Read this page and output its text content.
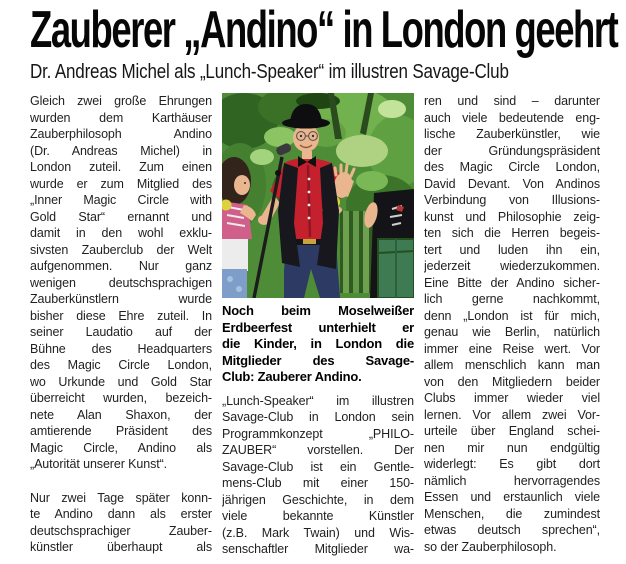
Zauberer „Andino“ in London geehrt
Dr. Andreas Michel als „Lunch-Speaker“ im illustren Savage-Club
Gleich zwei große Ehrungen
wurden dem Karthäuser
Zauberphilosoph Andino
(Dr. Andreas Michel) in
London zuteil. Zum einen
wurde er zum Mitglied des
„Inner Magic Circle with
Gold Star“ ernannt und
damit in den wohl exklu-
sivsten Zauberclub der Welt
aufgenommen. Nur ganz
wenigen deutschsprachigen
Zauberkünstlern wurde
bisher diese Ehre zuteil. In
seiner Laudatio auf der
Bühne des Headquarters
des Magic Circle London,
wo Urkunde und Gold Star
überreicht wurden, bezeich-
nete Alan Shaxon, der
amtierende Präsident des
Magic Circle, Andino als
„Autorität unserer Kunst“.
Nur zwei Tage später konn-
te Andino dann als erster
deutschsprachiger Zauber-
künstler überhaupt als
Noch beim Moselweißer
Erdbeerfest unterhielt er
die Kinder, in London die
Mitglieder des Savage-
Club: Zauberer Andino.
„Lunch-Speaker“ im illustren
Savage-Club in London sein
Programmkonzept „PHILO-
ZAUBER“ vorstellen. Der
Savage-Club ist ein Gentle-
mens-Club mit einer 150-
jährigen Geschichte, in dem
viele bekannte Künstler
(z.B. Mark Twain) und Wis-
senschaftler Mitglieder wa-
ren und sind – darunter
auch viele bedeutende eng-
lische Zauberkünstler, wie
der Gründungspräsident
des Magic Circle London,
David Devant. Von Andinos
Verbindung von Illusions-
kunst und Philosophie zeig-
ten sich die Herren begeis-
tert und luden ihn ein,
jederzeit wiederzukommen.
Eine Bitte der Andino sicher-
lich gerne nachkommt,
denn „London ist für mich,
genau wie Berlin, natürlich
immer eine Reise wert. Vor
allem menschlich kann man
von den Mitgliedern beider
Clubs immer wieder viel
lernen. Vor allem zwei Vor-
urteile über England schei-
nen mir nun endgültig
widerlegt: Es gibt dort
nämlich hervorragendes
Essen und erstaunlich viele
Menschen, die zumindest
etwas deutsch sprechen“,
so der Zauberphilosoph.
